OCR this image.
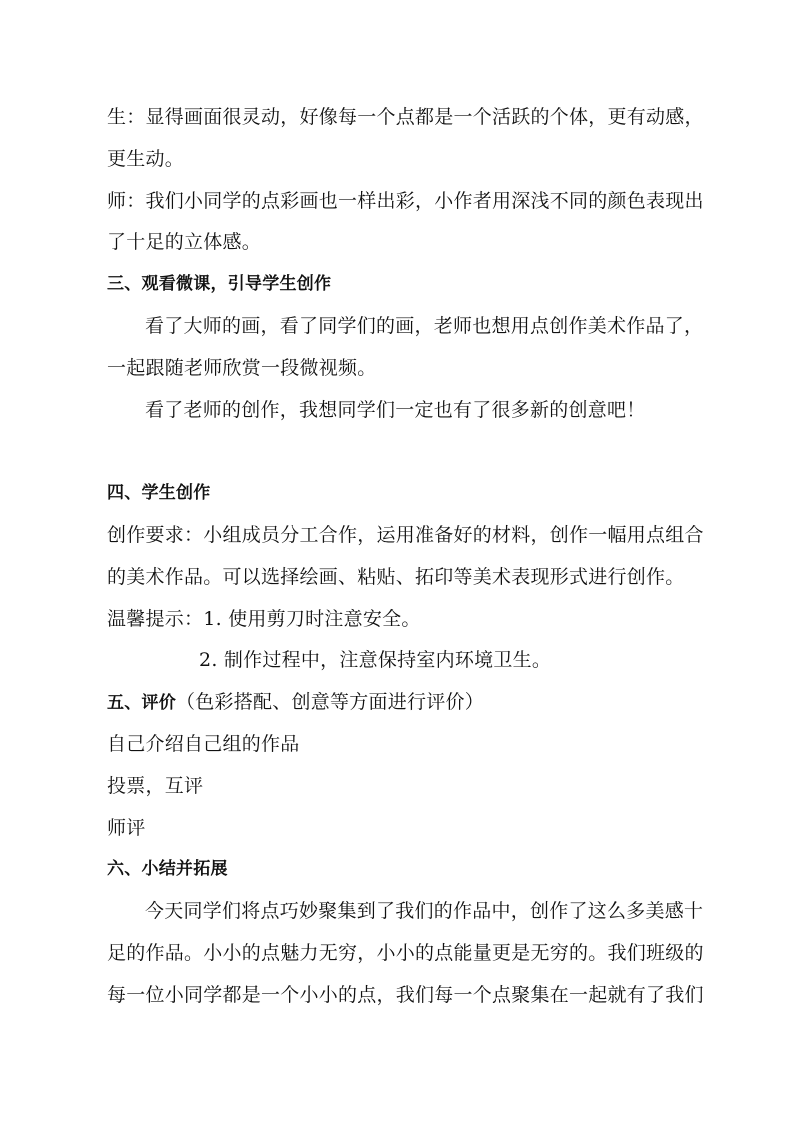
生：显得画面很灵动，好像每一个点都是一个活跃的个体，更有动感，
更生动。
师：我们小同学的点彩画也一样出彩，小作者用深浅不同的颜色表现出
了十足的立体感。
三、观看微课，引导学生创作
看了大师的画，看了同学们的画，老师也想用点创作美术作品了，
一起跟随老师欣赏一段微视频。
看了老师的创作，我想同学们一定也有了很多新的创意吧！
四、学生创作
创作要求：小组成员分工合作，运用准备好的材料，创作一幅用点组合
的美术作品。可以选择绘画、粘贴、拓印等美术表现形式进行创作。
温馨提示：1. 使用剪刀时注意安全。
2. 制作过程中，注意保持室内环境卫生。
五、评价（色彩搭配、创意等方面进行评价）
自己介绍自己组的作品
投票，互评
师评
六、小结并拓展
今天同学们将点巧妙聚集到了我们的作品中，创作了这么多美感十
足的作品。小小的点魅力无穷，小小的点能量更是无穷的。我们班级的
每一位小同学都是一个小小的点，我们每一个点聚集在一起就有了我们
